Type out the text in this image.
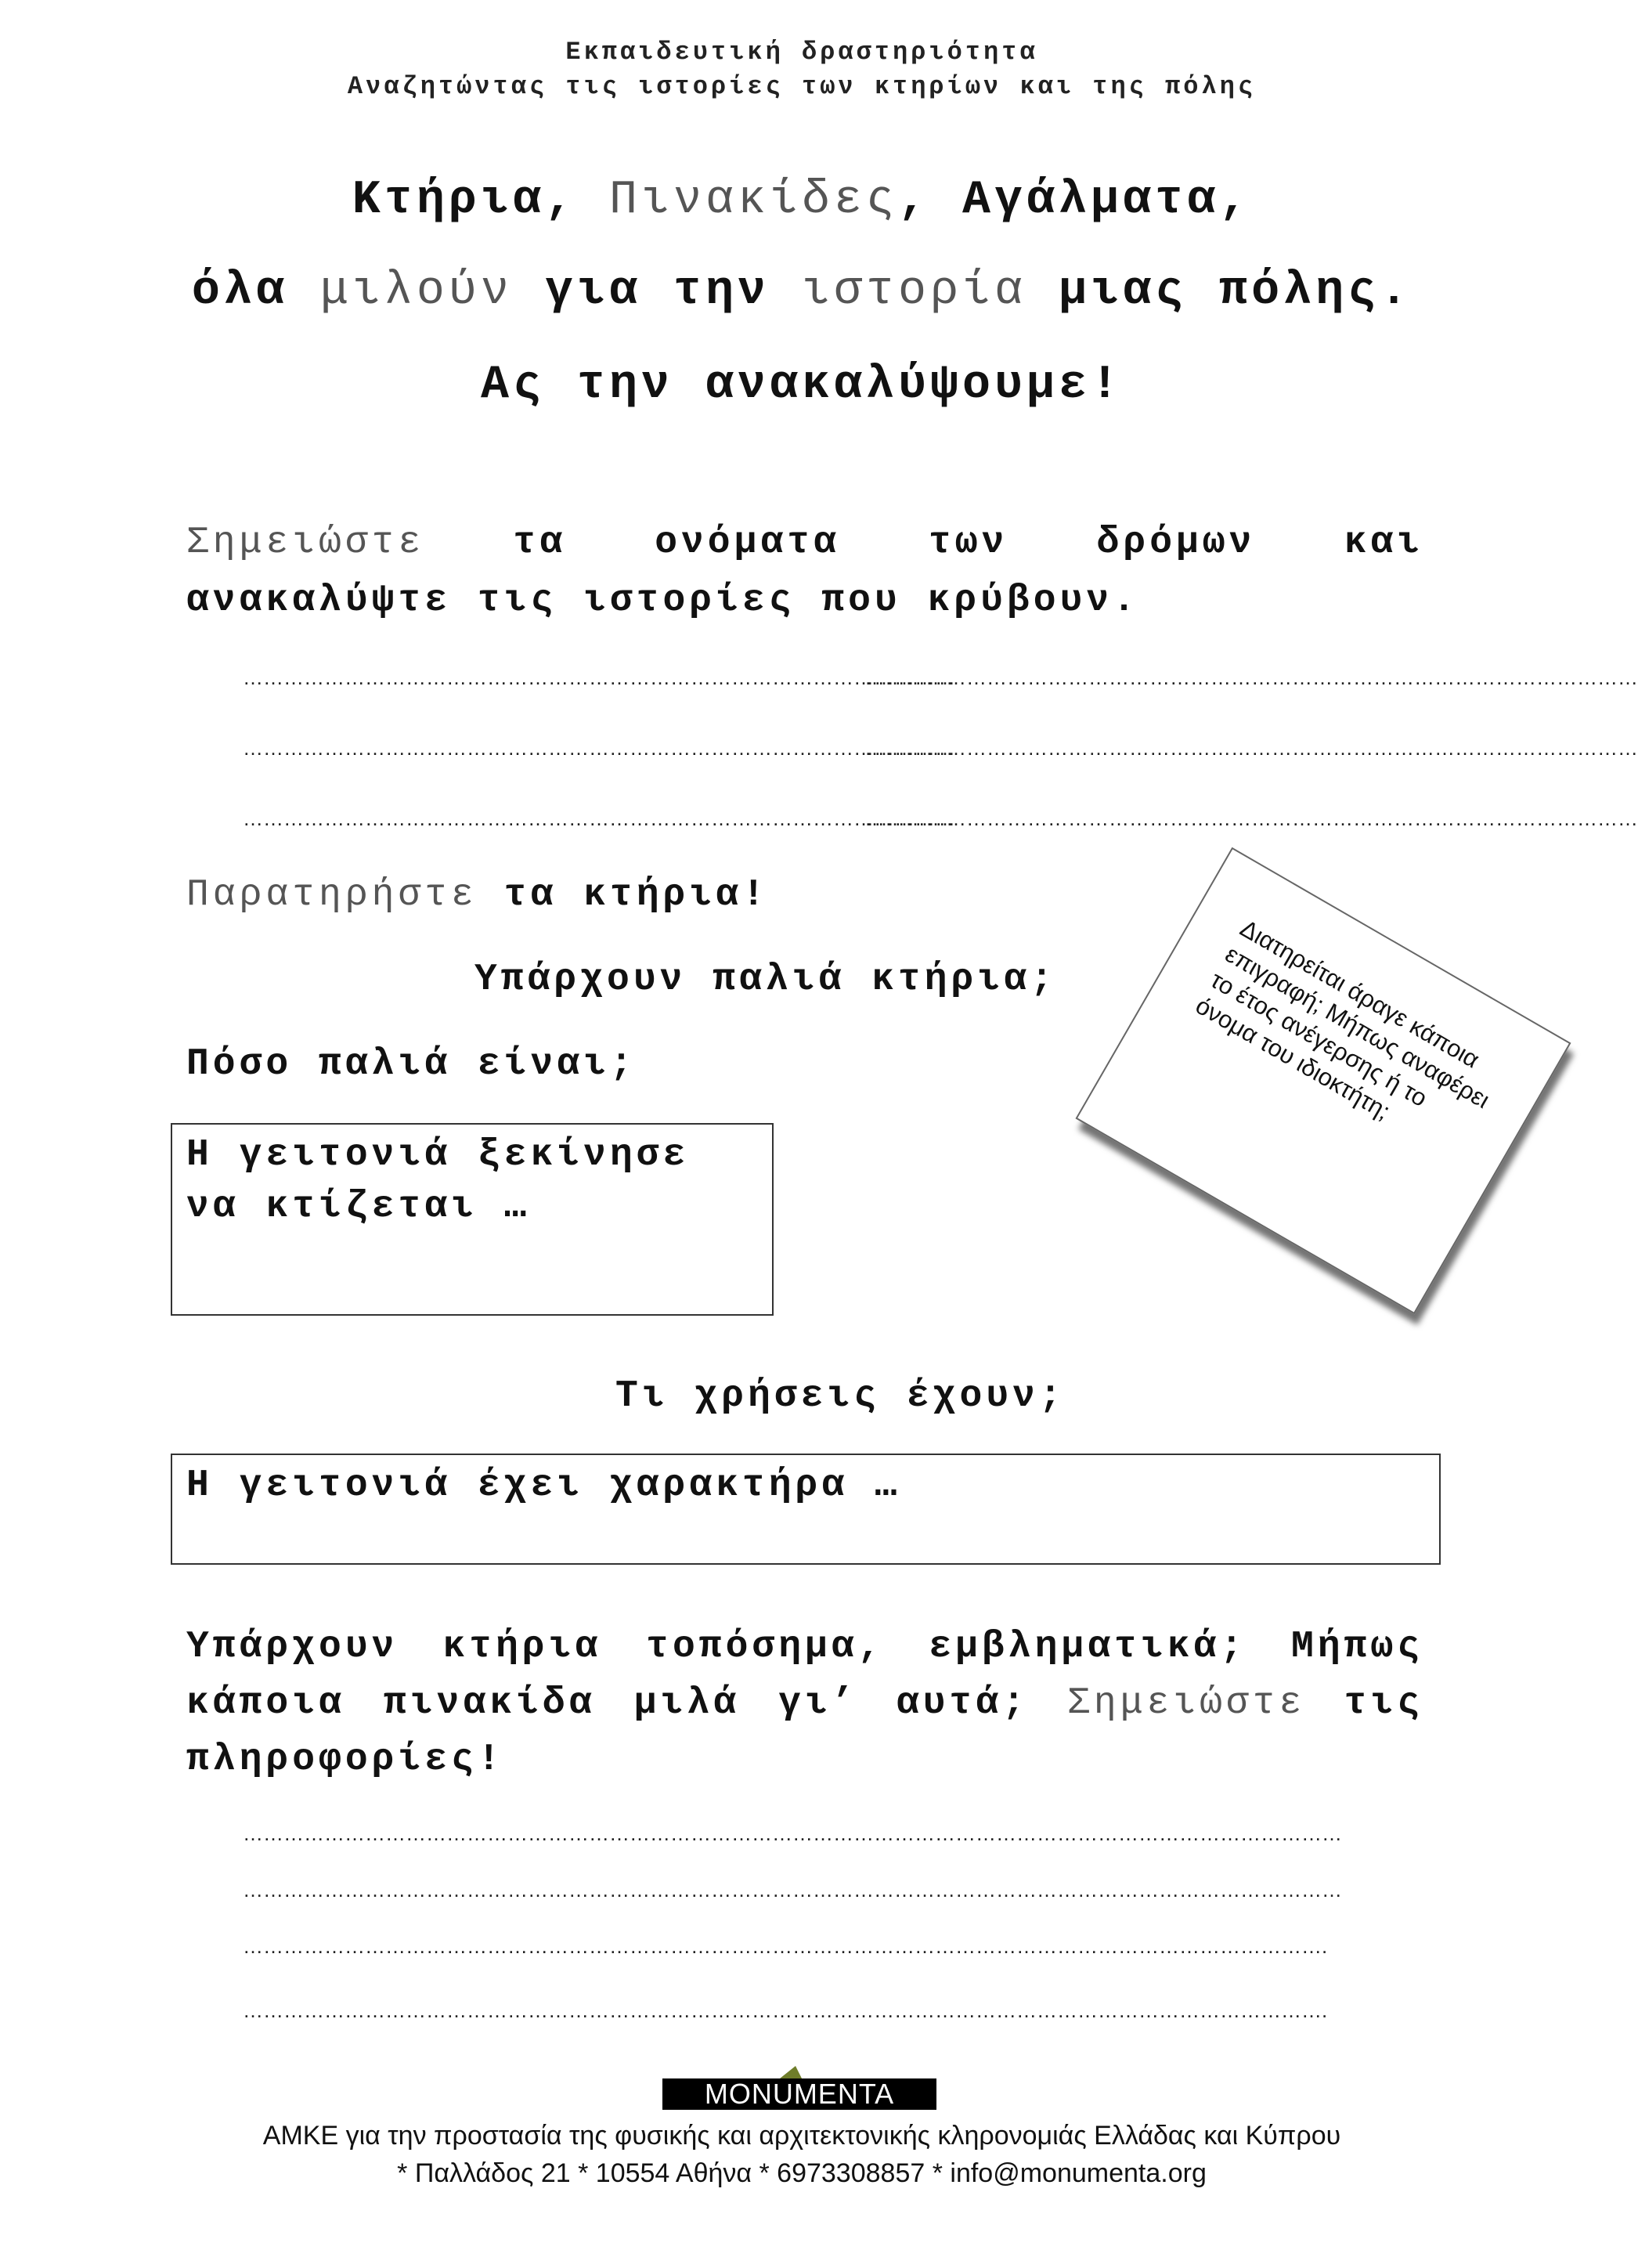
Εκπαιδευτική δραστηριότητα
Αναζητώντας τις ιστορίες των κτηρίων και της πόλης
Κτήρια, Πινακίδες, Αγάλματα,
όλα μιλούν για την ιστορία μιας πόλης.
Ας την ανακαλύψουμε!
Σημειώστε τα ονόματα των δρόμων και
ανακαλύψτε τις ιστορίες που κρύβουν.
……………………………………………………………………………………………
……………………………………………………………………………………………………
……………………………………………………………………………………………
……………………………………………………………………………………………………
……………………………………………………………………………………………
……………………………………………………………………………………………………
Παρατηρήστε τα κτήρια!
Υπάρχουν παλιά κτήρια;
Πόσο παλιά είναι;
Η γειτονιά ξεκίνησε να κτίζεται …
Διατηρείται άραγε κάποια επιγραφή; Μήπως αναφέρει το έτος ανέγερσης ή το όνομα του ιδιοκτήτη;
Τι χρήσεις έχουν;
Η γειτονιά έχει χαρακτήρα …
Υπάρχουν κτήρια τοπόσημα, εμβληματικά; Μήπως
κάποια πινακίδα μιλά γι’ αυτά; Σημειώστε τις
πληροφορίες!
………………………………………………………………………………………………………………………………………………
………………………………………………………………………………………………………………………………………………
…………………………………………………………………………………………………………………………………………….
…………………………………………………………………………………………………………………………………………….
MONUMENTA
ΑΜΚΕ για την προστασία της φυσικής και αρχιτεκτονικής κληρονομιάς Ελλάδας και Κύπρου
* Παλλάδος 21 * 10554 Αθήνα * 6973308857 * info@monumenta.org
